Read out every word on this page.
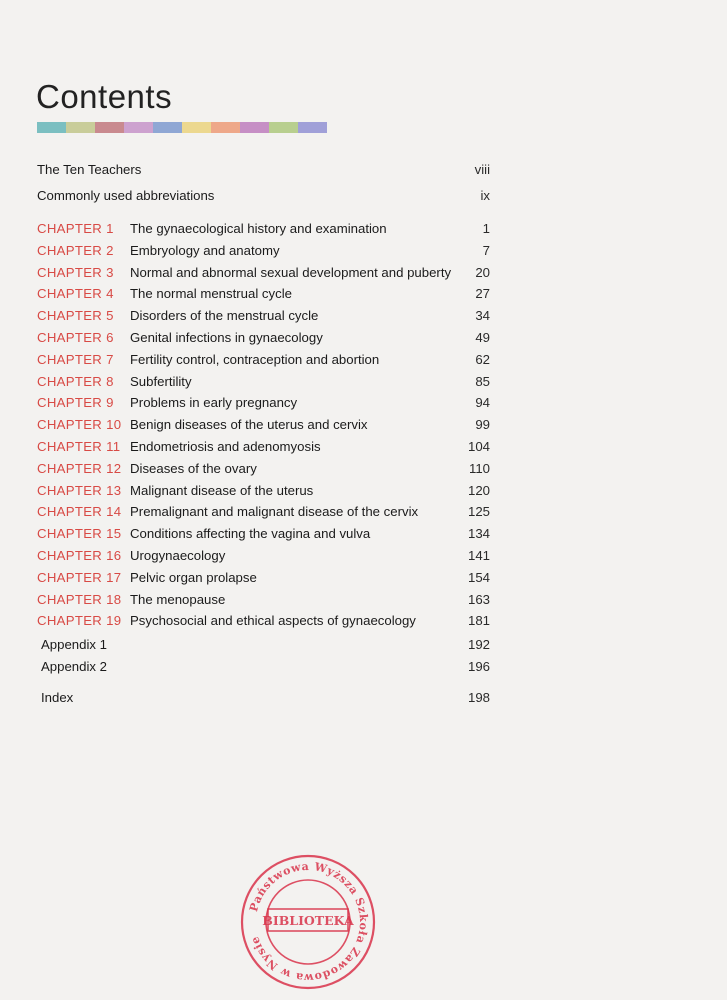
Contents
The Ten Teachers	viii
Commonly used abbreviations	ix
CHAPTER 1 The gynaecological history and examination	1
CHAPTER 2 Embryology and anatomy	7
CHAPTER 3 Normal and abnormal sexual development and puberty 20
CHAPTER 4 The normal menstrual cycle	27
CHAPTER 5 Disorders of the menstrual cycle	34
CHAPTER 6 Genital infections in gynaecology	49
CHAPTER 7 Fertility control, contraception and abortion	62
CHAPTER 8 Subfertility	85
CHAPTER 9 Problems in early pregnancy	94
CHAPTER 10 Benign diseases of the uterus and cervix	99
CHAPTER 11 Endometriosis and adenomyosis	104
CHAPTER 12 Diseases of the ovary	110
CHAPTER 13 Malignant disease of the uterus	120
CHAPTER 14 Premalignant and malignant disease of the cervix	125
CHAPTER 15 Conditions affecting the vagina and vulva	134
CHAPTER 16 Urogynaecology	141
CHAPTER 17 Pelvic organ prolapse	154
CHAPTER 18 The menopause	163
CHAPTER 19 Psychosocial and ethical aspects of gynaecology	181
Appendix 1	192
Appendix 2	196
Index	198
Państwowa Wyższa Szkoła Zawodowa w Nysie
BIBLIOTEKA
